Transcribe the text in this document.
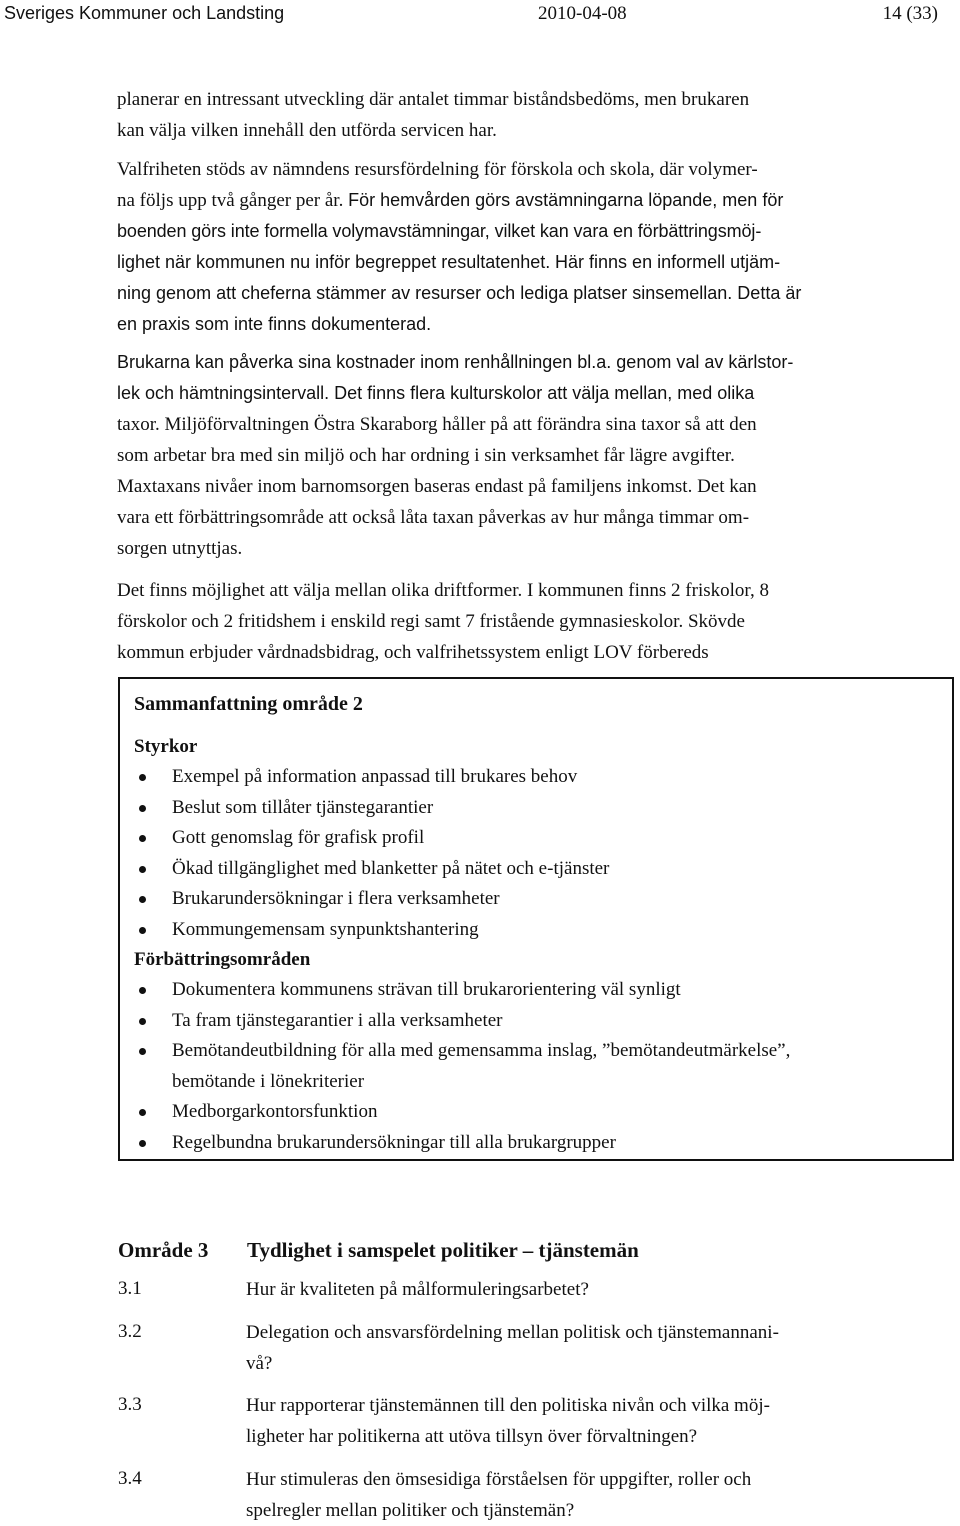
Sveriges Kommuner och Landsting	2010-04-08	14 (33)
planerar en intressant utveckling där antalet timmar biståndsbedöms, men brukaren
kan välja vilken innehåll den utförda servicen har.
Valfriheten stöds av nämndens resursfördelning för förskola och skola, där volymer-
na följs upp två gånger per år. För hemvården görs avstämningarna löpande, men för
boenden görs inte formella volymavstämningar, vilket kan vara en förbättringsmöj-
lighet när kommunen nu inför begreppet resultatenhet. Här finns en informell utjäm-
ning genom att cheferna stämmer av resurser och lediga platser sinsemellan. Detta är
en praxis som inte finns dokumenterad.
Brukarna kan påverka sina kostnader inom renhållningen bl.a. genom val av kärlstor-
lek och hämtningsintervall. Det finns flera kulturskolor att välja mellan, med olika
taxor. Miljöförvaltningen Östra Skaraborg håller på att förändra sina taxor så att den
som arbetar bra med sin miljö och har ordning i sin verksamhet får lägre avgifter.
Maxtaxans nivåer inom barnomsorgen baseras endast på familjens inkomst. Det kan
vara ett förbättringsområde att också låta taxan påverkas av hur många timmar om-
sorgen utnyttjas.
Det finns möjlighet att välja mellan olika driftformer. I kommunen finns 2 friskolor, 8
förskolor och 2 fritidshem i enskild regi samt 7 fristående gymnasieskolor. Skövde
kommun erbjuder vårdnadsbidrag, och valfrihetssystem enligt LOV förbereds
Sammanfattning område 2
Styrkor
Exempel på information anpassad till brukares behov
Beslut som tillåter tjänstegarantier
Gott genomslag för grafisk profil
Ökad tillgänglighet med blanketter på nätet och e-tjänster
Brukarundersökningar i flera verksamheter
Kommungemensam synpunktshantering
Förbättringsområden
Dokumentera kommunens strävan till brukarorientering väl synligt
Ta fram tjänstegarantier i alla verksamheter
Bemötandeutbildning för alla med gemensamma inslag, ”bemötandeutmärkelse”,
bemötande i lönekriterier
Medborgarkontorsfunktion
Regelbundna brukarundersökningar till alla brukargrupper
Område 3 Tydlighet i samspelet politiker – tjänstemän
3.1	Hur är kvaliteten på målformuleringsarbetet?
3.2	Delegation och ansvarsfördelning mellan politisk och tjänstemannani-
vå?
3.3	Hur rapporterar tjänstemännen till den politiska nivån och vilka möj-
ligheter har politikerna att utöva tillsyn över förvaltningen?
3.4	Hur stimuleras den ömsesidiga förståelsen för uppgifter, roller och
spelregler mellan politiker och tjänstemän?
